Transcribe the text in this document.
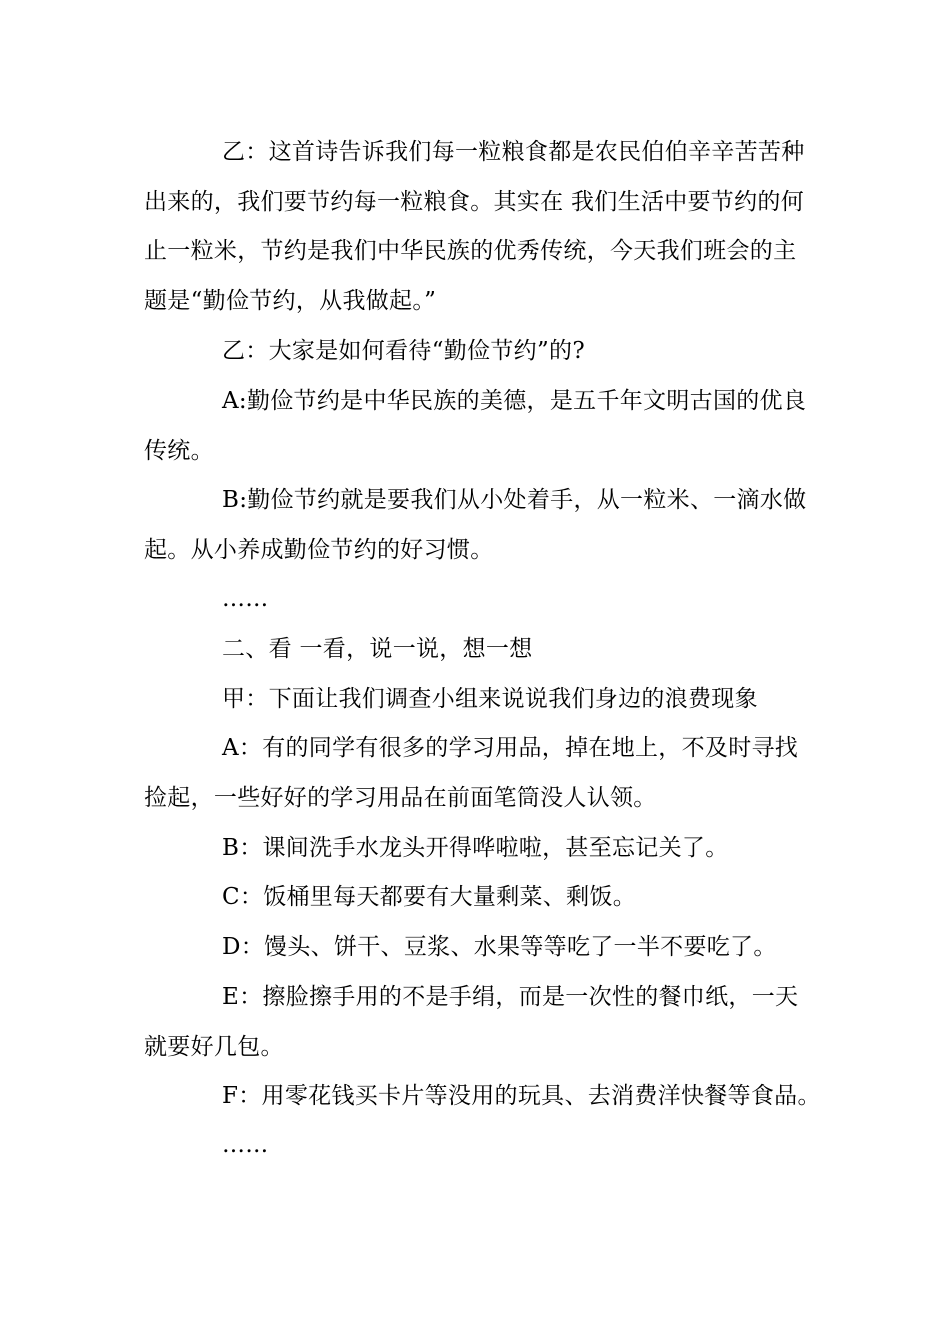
乙：这首诗告诉我们每一粒粮食都是农民伯伯辛辛苦苦种出来的，我们要节约每一粒粮食。其实在 我们生活中要节约的何止一粒米，节约是我们中华民族的优秀传统，今天我们班会的主题是“勤俭节约，从我做起。”

乙：大家是如何看待“勤俭节约”的?

A:勤俭节约是中华民族的美德，是五千年文明古国的优良传统。

B:勤俭节约就是要我们从小处着手，从一粒米、一滴水做起。从小养成勤俭节约的好习惯。

……

二、看 一看，说一说，想一想

甲：下面让我们调查小组来说说我们身边的浪费现象

A：有的同学有很多的学习用品，掉在地上，不及时寻找捡起，一些好好的学习用品在前面笔筒没人认领。

B：课间洗手水龙头开得哗啦啦，甚至忘记关了。

C：饭桶里每天都要有大量剩菜、剩饭。

D：馒头、饼干、豆浆、水果等等吃了一半不要吃了。

E：擦脸擦手用的不是手绢，而是一次性的餐巾纸，一天就要好几包。

F：用零花钱买卡片等没用的玩具、去消费洋快餐等食品。

……
